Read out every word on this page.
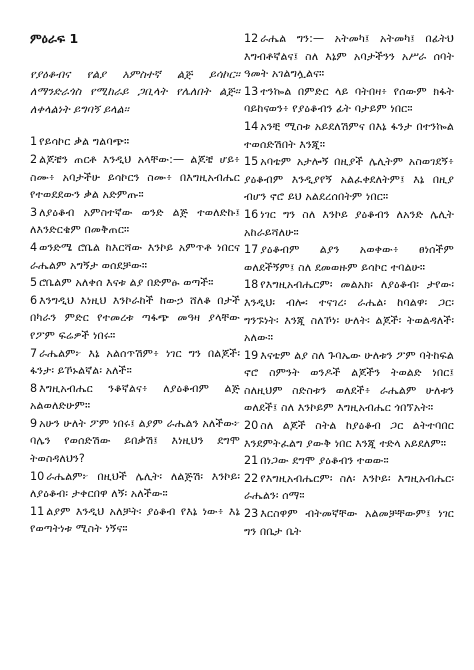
ምዕራፍ 1
የያዕቆብና የልያ አምስተኛ ልጅ ይሳኮር። ለማንድራጎስ የሚከራይ ጋቢላት የሌለበት ልጅ። ለቀላልነት ይግባኝ ይላል።

1 የይሳኮር ቃል ግልባጭ።

2 ልጆቼን ጠርቶ እንዲህ አላቸው:— ልጆቼ ሆይ፥ ስሙ፥ አባታችሁ ይሳኮርን ስሙ፥ በእግዚአብሔር የተወደደውን ቃል አድምጡ።

3 ለያዕቆብ አምስተኛው ወንድ ልጅ ተወለድኩ፤ ለእንድርቄም በመቅጠር።

4 ወንድሜ ሮቤል ከእርሻው እንኮይ አምጥቶ ነበርና ራሔልም አግኝታ ወሰደቻው።

5 ሮቤልም አለቀሰ እናቱ ልያ በድምፁ ወጣች።

6 እንግዲህ እነዚህ እንኮራከች ከውኃ ሸለቆ በታች በካራን ምድር የተመረቱ ጣፋጭ መዓዛ ያላቸው የፖም ፍሬዎች ነበሩ።

7 ራሔልም፦ እኔ አልሰጥሽም፥ ነገር ግን በልጆች፡ ፋንታ፡ ይኾኑልኛል፡ አለች።

8 እግዚአብሔር ንቆኛልና፥ ለያዕቆብም ልጅ አልወለድሁም።

9 አሁን ሁለት ፖም ነበሩ፤ ልያም ራሔልን አለችው፦ ባሌን የወሰድሽው ይበቃሽ፤ እነዚህን ደግሞ ትወስዳለህን?

10 ራሔልም፦ በዚህች ሌሊት፡ ለልጅሽ፡ እንኮይ፡ ለያዕቆብ፡ ታቀርበዋ ለኝ፡ አለችው።

11 ልያም እንዲህ አለቻት፡ ያዕቆብ የእኔ ነው፥ እኔ የወጣትነቱ ሚስት ነኝና።

12 ራሔል ግን:— አትመካ፤ አትመካ፤ በፊትህ እግብቶኛልና፤ ስለ እኔም አባታችንን አሥራ ሰባት ዓመት አገልግሏልና።

13 ተንኰል በምድር ላይ ባትበዛ፥ የሰውም ክፋት ባይከናወን፥ የያዕቆብን ፊት ባታይም ነበር።

14 አንቺ ሚስቱ አይደለሽምና በእኔ ፋንታ በተንኰል ተወሰድሽበት እንጂ።

15 አባቴም አታሎኝ በዚያች ሌሊትም አስወገደኝ፥ ያዕቆብም እንዲያየኝ አልፈቀደለትም፤ እኔ በዚያ ብሆን ኖሮ ይህ አልደረሰበትም ነበር።

16 ነገር ግን ስለ እንኮይ ያዕቆብን ለአንድ ሌሊት አከራይሻለሁ።

17 ያዕቆብም ልያን አወቀው፥ ፀነሰችም ወለደችኝም፤ ስለ ደመወዙም ይሳኮር ተባልሁ።

18 የእግዚአብሔርም፡ መልአክ፡ ለያዕቆብ፡ ታየው፡ እንዲህ፡ ብሎ፡ ተናገረ፡ ራሔል፡ ከባልዋ፡ ጋር፡ ግንኙነት፡ እንጂ ስለኾነ፡ ሁለት፡ ልጆች፡ ትወልዳለች፡ አለው።

19 እናቴም ልያ ስለ ጉባኤው ሁለቱን ፖም ባትከፍል ኖሮ ስምንት ወንዶች ልጆችን ትወልድ ነበር፤ ስለዚህም ስድስቱን ወለደች፥ ራሔልም ሁለቱን ወለደች፤ ስለ እንኮይም እግዚአብሔር ጎበኘአት።

20 ስለ ልጆች ስትል ከያዕቆብ ጋር ልትተባበር እንደምትፈልግ ያውቅ ነበር እንጂ ተድላ አይደለም።

21 በነጋው ደግሞ ያዕቆብን ተወው።

22 የእግዚአብሔርም፡ ስለ፡ እንኮይ፡ እግዚአብሔር፡ ራሔልን፡ ሰማ።

23 እርስዋም ብትመኛቸው አልመቻቸውም፤ ነገር ግን በቤታ ቤት
